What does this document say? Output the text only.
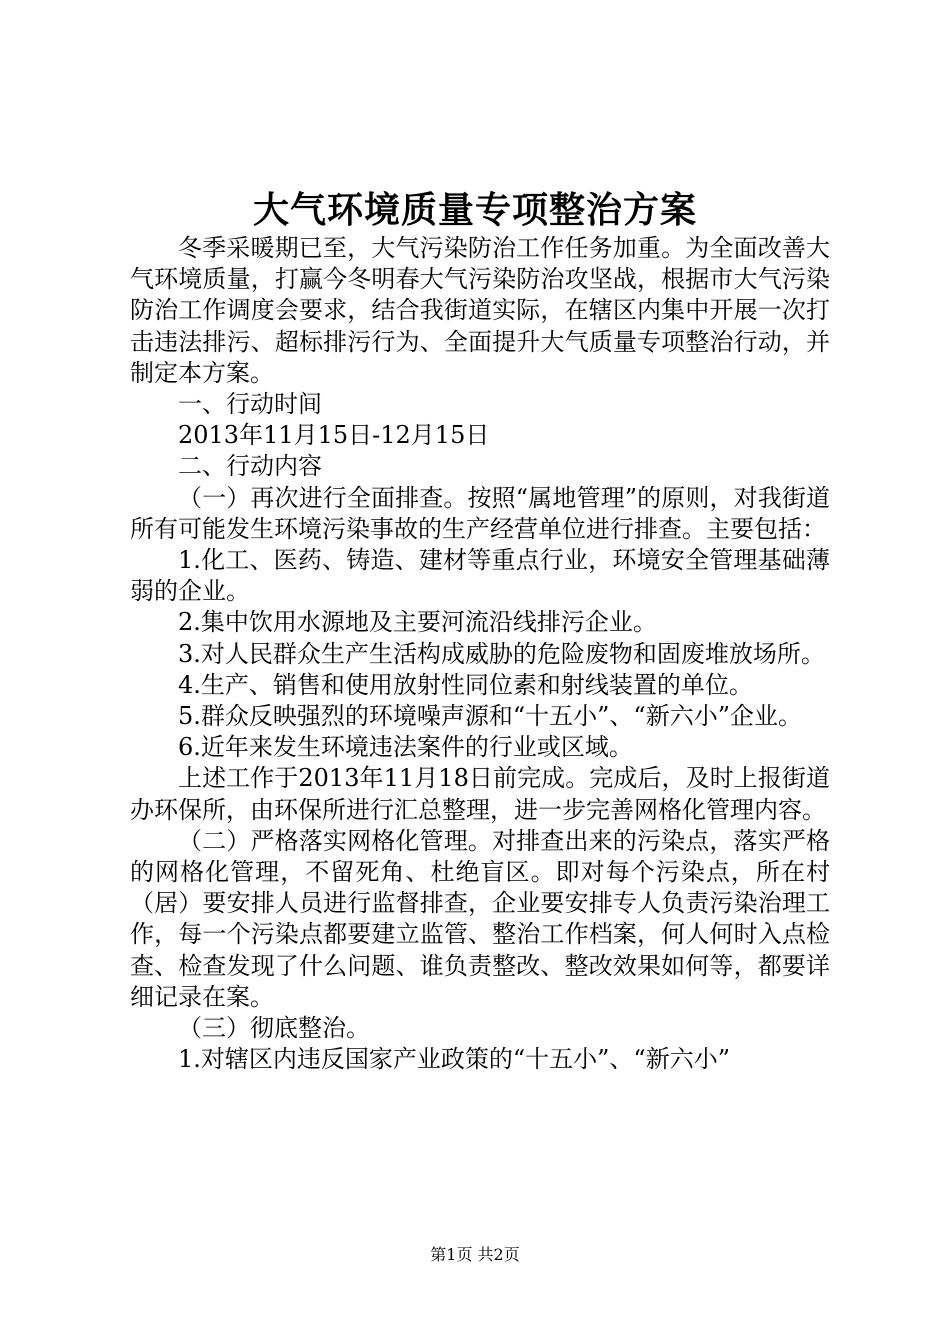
大气环境质量专项整治方案

冬季采暖期已至，大气污染防治工作任务加重。为全面改善大气环境质量，打赢今冬明春大气污染防治攻坚战，根据市大气污染防治工作调度会要求，结合我街道实际，在辖区内集中开展一次打击违法排污、超标排污行为、全面提升大气质量专项整治行动，并制定本方案。

一、行动时间

2013年11月15日-12月15日

二、行动内容

（一）再次进行全面排查。按照“属地管理”的原则，对我街道所有可能发生环境污染事故的生产经营单位进行排查。主要包括：

1.化工、医药、铸造、建材等重点行业，环境安全管理基础薄弱的企业。

2.集中饮用水源地及主要河流沿线排污企业。

3.对人民群众生产生活构成威胁的危险废物和固废堆放场所。

4.生产、销售和使用放射性同位素和射线装置的单位。

5.群众反映强烈的环境噪声源和“十五小”、“新六小”企业。

6.近年来发生环境违法案件的行业或区域。

上述工作于2013年11月18日前完成。完成后，及时上报街道办环保所，由环保所进行汇总整理，进一步完善网格化管理内容。

（二）严格落实网格化管理。对排查出来的污染点，落实严格的网格化管理，不留死角、杜绝盲区。即对每个污染点，所在村（居）要安排人员进行监督排查，企业要安排专人负责污染治理工作，每一个污染点都要建立监管、整治工作档案，何人何时入点检查、检查发现了什么问题、谁负责整改、整改效果如何等，都要详细记录在案。

（三）彻底整治。

1.对辖区内违反国家产业政策的“十五小”、“新六小”

第1页 共2页
